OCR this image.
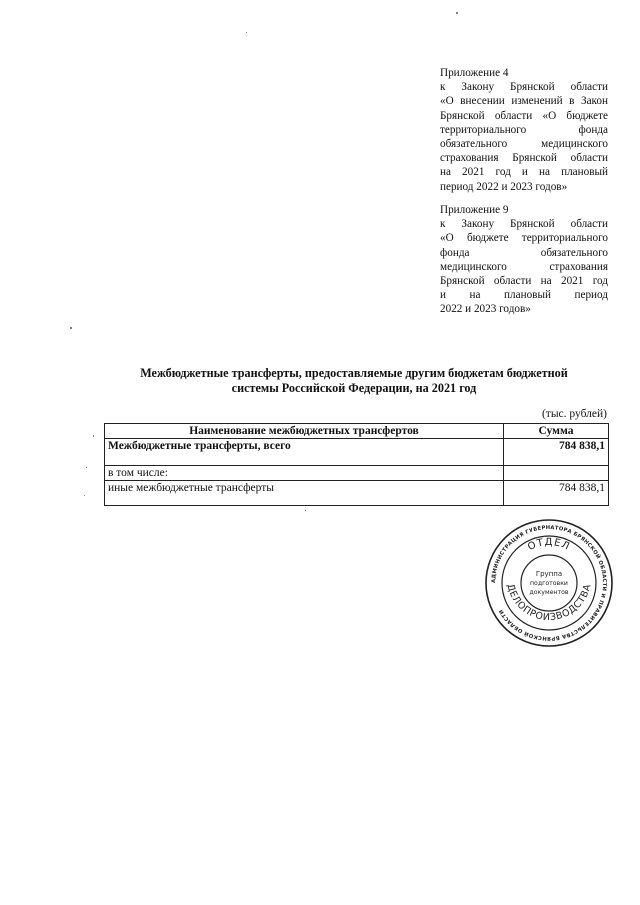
Приложение 4
к Закону Брянской области
«О внесении изменений в Закон
Брянской области «О бюджете
территориального фонда
обязательного медицинского
страхования Брянской области
на 2021 год и на плановый
период 2022 и 2023 годов»
Приложение 9
к Закону Брянской области
«О бюджете территориального
фонда обязательного
медицинского страхования
Брянской области на 2021 год
и на плановый период
2022 и 2023 годов»
Межбюджетные трансферты, предоставляемые другим бюджетам бюджетной
системы Российской Федерации, на 2021 год
(тыс. рублей)
Наименование межбюджетных трансфертов	Сумма
Межбюджетные трансферты, всего	784 838,1
в том числе:	
иные межбюджетные трансферты	784 838,1
АДМИНИСТРАЦИЯ ГУБЕРНАТОРА БРЯНСКОЙ ОБЛАСТИ И ПРАВИТЕЛЬСТВА БРЯНСКОЙ ОБЛАСТИ
ОТДЕЛ
ДЕЛОПРОИЗВОДСТВА
Группа
подготовки
документов
